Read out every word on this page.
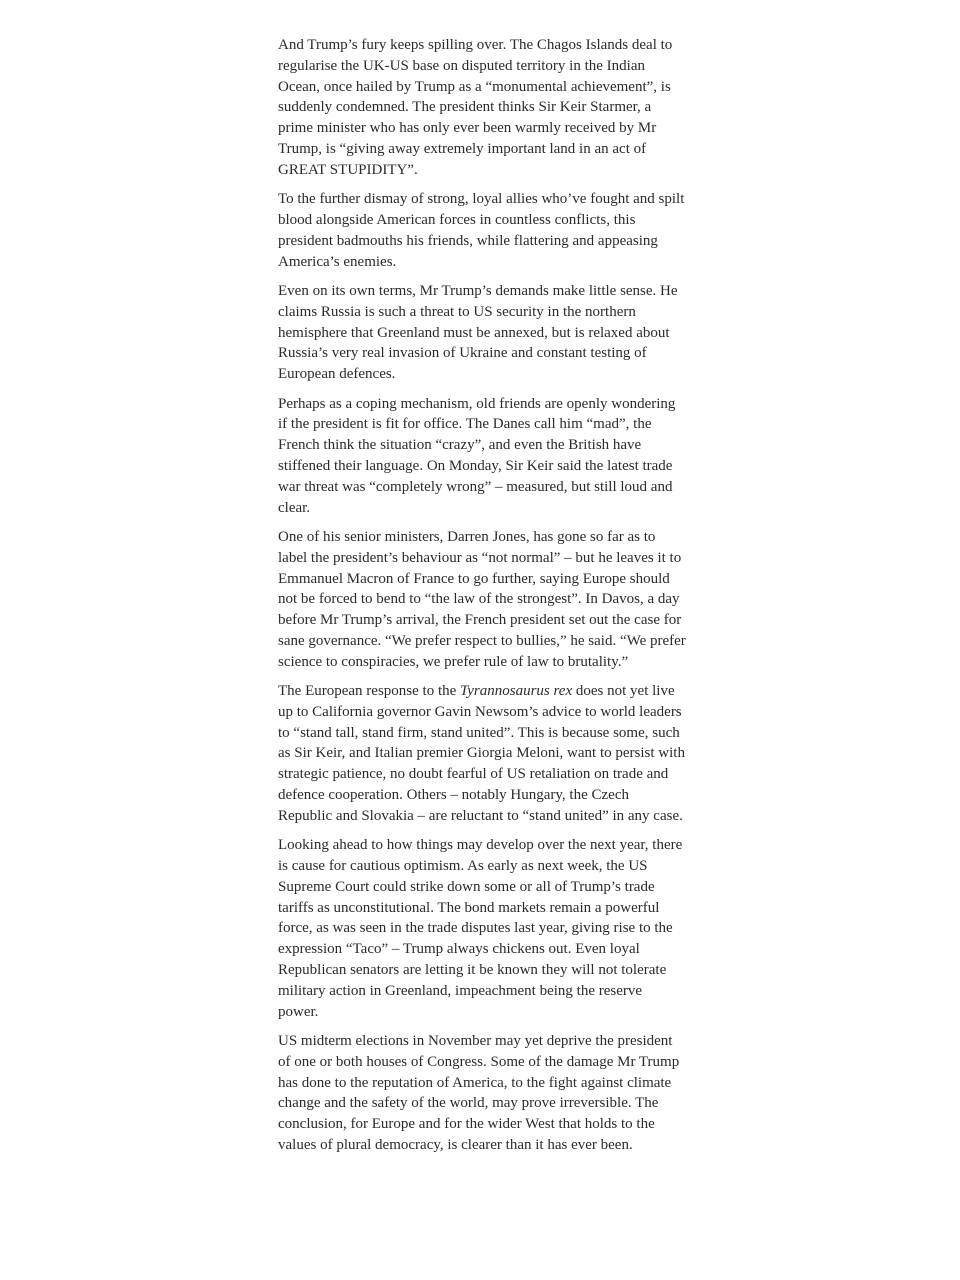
And Trump’s fury keeps spilling over. The Chagos Islands deal to regularise the UK-US base on disputed territory in the Indian Ocean, once hailed by Trump as a “monumental achievement”, is suddenly condemned. The president thinks Sir Keir Starmer, a prime minister who has only ever been warmly received by Mr Trump, is “giving away extremely important land in an act of GREAT STUPIDITY”.

To the further dismay of strong, loyal allies who’ve fought and spilt blood alongside American forces in countless conflicts, this president badmouths his friends, while flattering and appeasing America’s enemies.

Even on its own terms, Mr Trump’s demands make little sense. He claims Russia is such a threat to US security in the northern hemisphere that Greenland must be annexed, but is relaxed about Russia’s very real invasion of Ukraine and constant testing of European defences.

Perhaps as a coping mechanism, old friends are openly wondering if the president is fit for office. The Danes call him “mad”, the French think the situation “crazy”, and even the British have stiffened their language. On Monday, Sir Keir said the latest trade war threat was “completely wrong” – measured, but still loud and clear.

One of his senior ministers, Darren Jones, has gone so far as to label the president’s behaviour as “not normal” – but he leaves it to Emmanuel Macron of France to go further, saying Europe should not be forced to bend to “the law of the strongest”. In Davos, a day before Mr Trump’s arrival, the French president set out the case for sane governance. “We prefer respect to bullies,” he said. “We prefer science to conspiracies, we prefer rule of law to brutality.”

The European response to the Tyrannosaurus rex does not yet live up to California governor Gavin Newsom’s advice to world leaders to “stand tall, stand firm, stand united”. This is because some, such as Sir Keir, and Italian premier Giorgia Meloni, want to persist with strategic patience, no doubt fearful of US retaliation on trade and defence cooperation. Others – notably Hungary, the Czech Republic and Slovakia – are reluctant to “stand united” in any case.

Looking ahead to how things may develop over the next year, there is cause for cautious optimism. As early as next week, the US Supreme Court could strike down some or all of Trump’s trade tariffs as unconstitutional. The bond markets remain a powerful force, as was seen in the trade disputes last year, giving rise to the expression “Taco” – Trump always chickens out. Even loyal Republican senators are letting it be known they will not tolerate military action in Greenland, impeachment being the reserve power.

US midterm elections in November may yet deprive the president of one or both houses of Congress. Some of the damage Mr Trump has done to the reputation of America, to the fight against climate change and the safety of the world, may prove irreversible. The conclusion, for Europe and for the wider West that holds to the values of plural democracy, is clearer than it has ever been.
